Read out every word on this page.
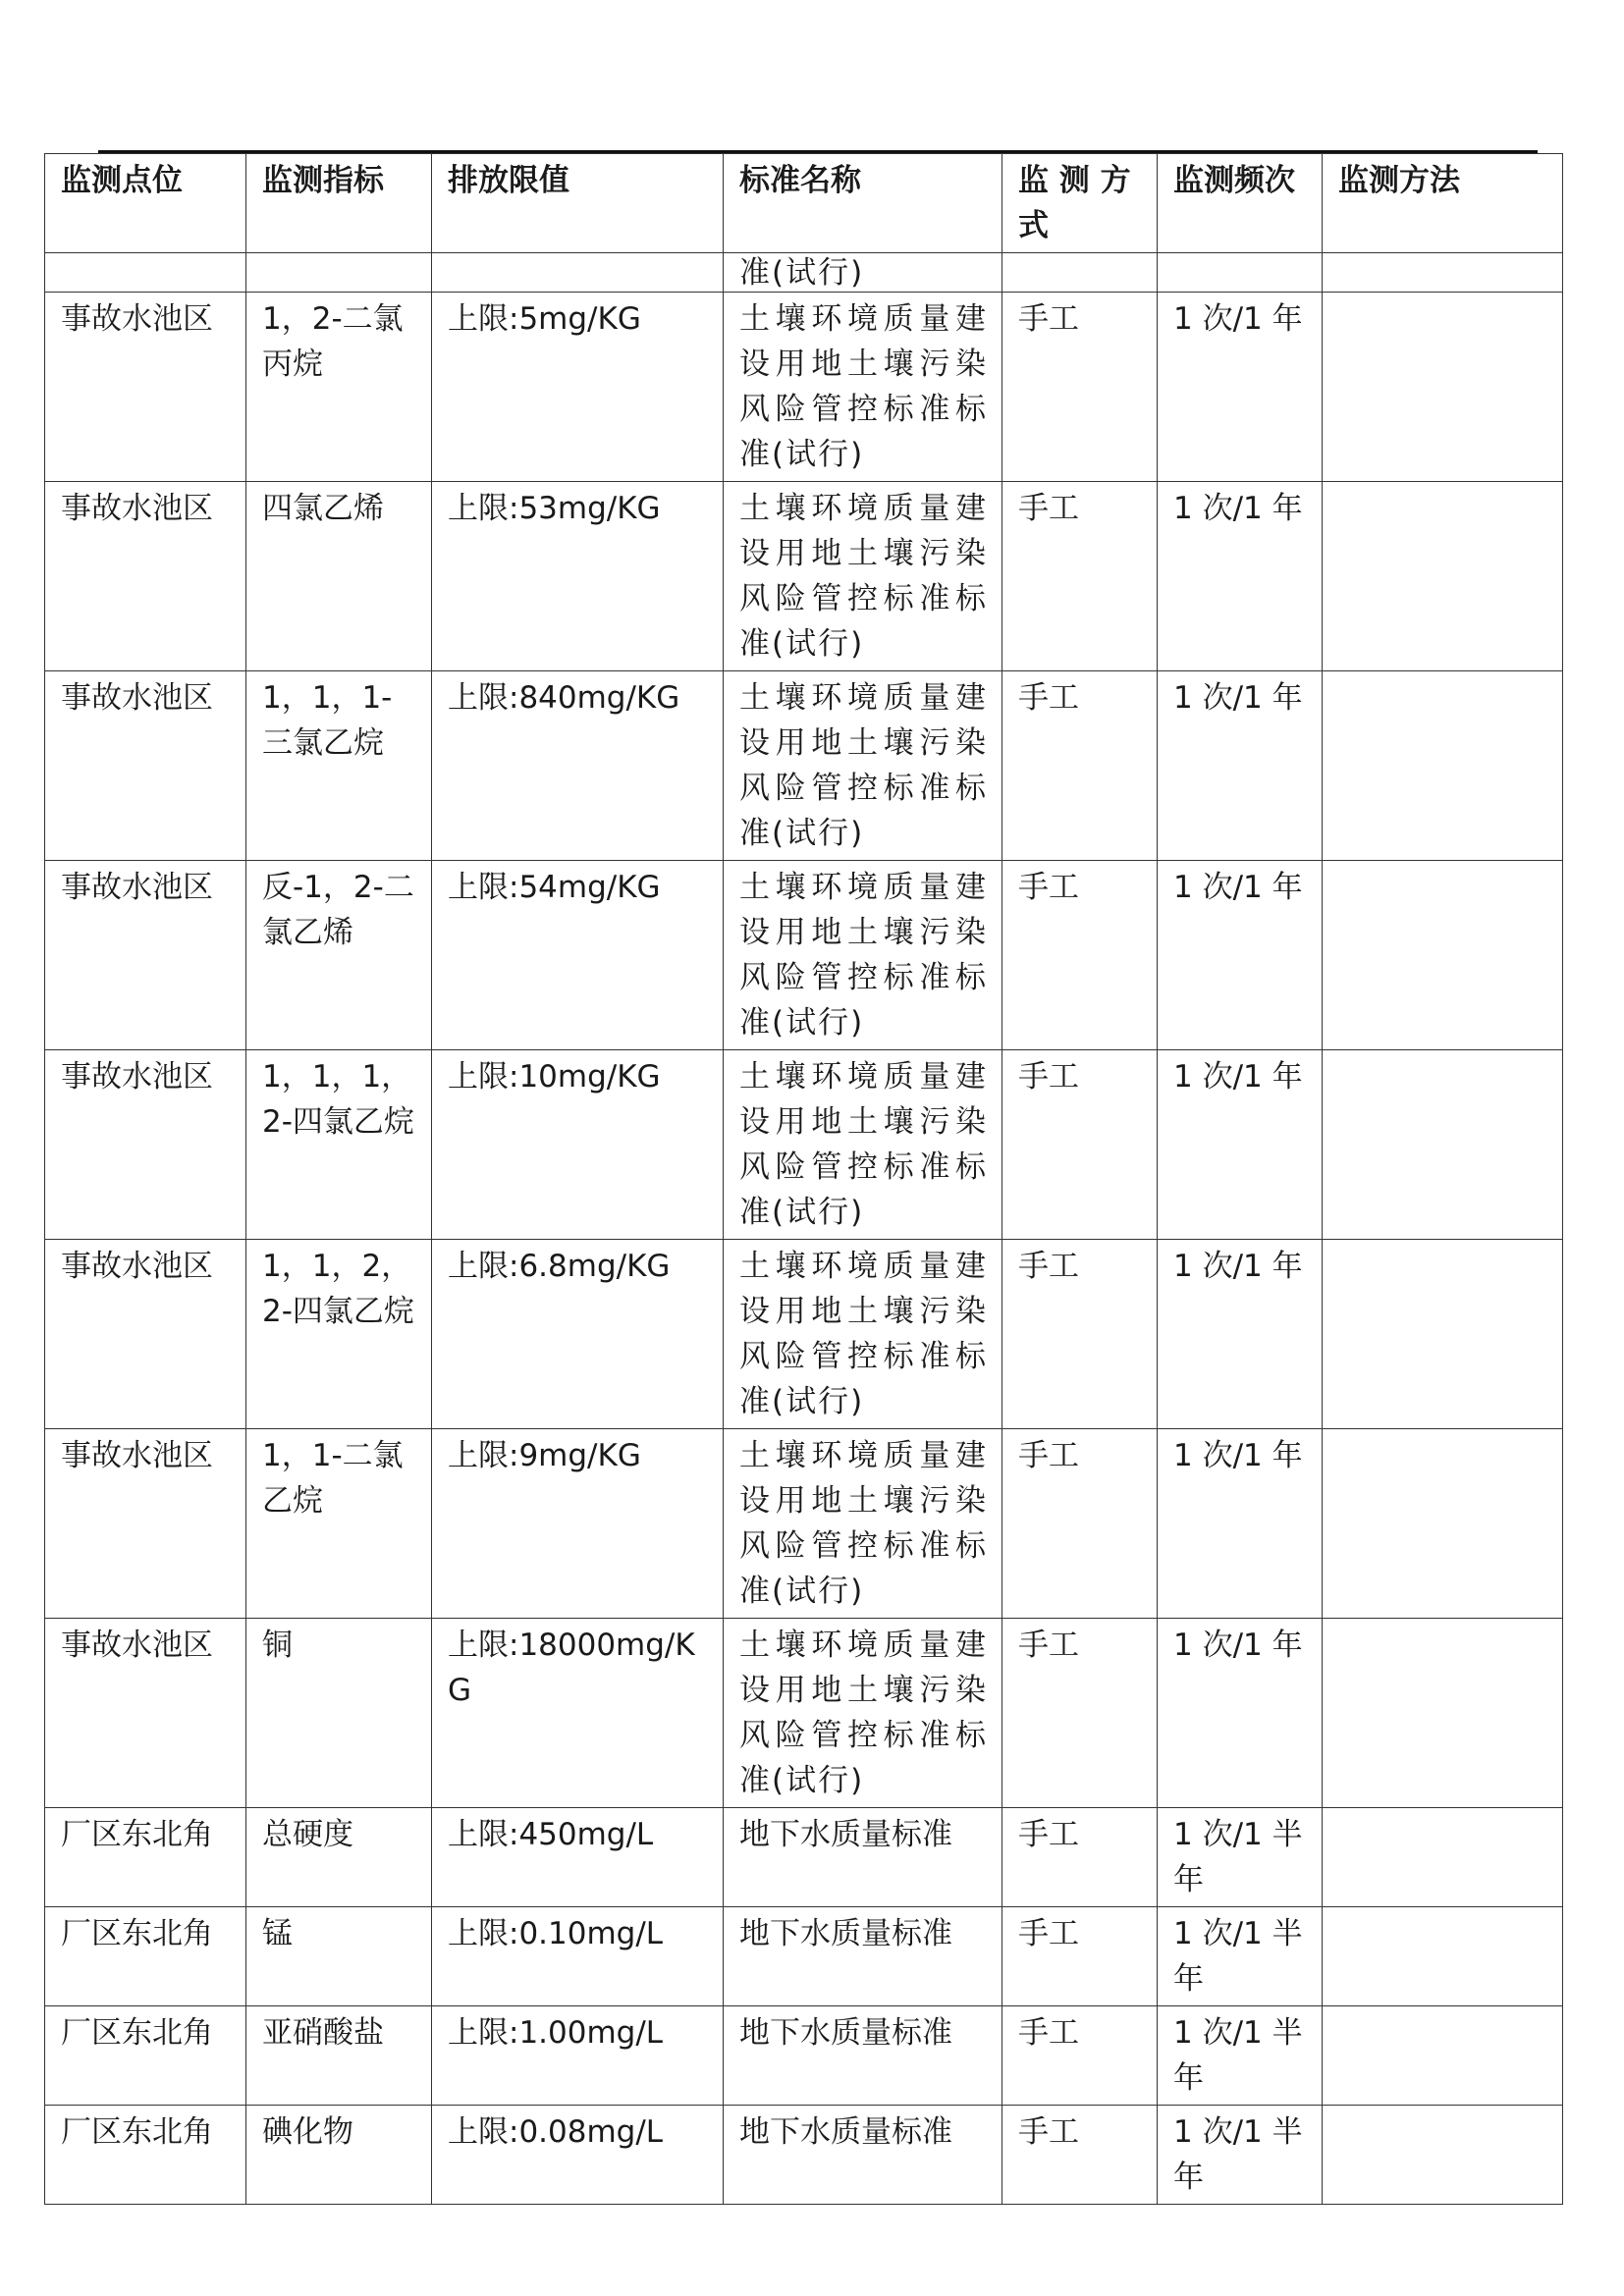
监测点位	监测指标	排放限值	标准名称	监 测 方 式	监测频次	监测方法
			准(试行)			
事故水池区	1，2-二氯丙烷	上限:5mg/KG	土壤环境质量建设用地土壤污染风险管控标准标准(试行)	手工	1 次/1 年	
事故水池区	四氯乙烯	上限:53mg/KG	土壤环境质量建设用地土壤污染风险管控标准标准(试行)	手工	1 次/1 年	
事故水池区	1，1，1-三氯乙烷	上限:840mg/KG	土壤环境质量建设用地土壤污染风险管控标准标准(试行)	手工	1 次/1 年	
事故水池区	反-1，2-二氯乙烯	上限:54mg/KG	土壤环境质量建设用地土壤污染风险管控标准标准(试行)	手工	1 次/1 年	
事故水池区	1，1，1，2-四氯乙烷	上限:10mg/KG	土壤环境质量建设用地土壤污染风险管控标准标准(试行)	手工	1 次/1 年	
事故水池区	1，1，2，2-四氯乙烷	上限:6.8mg/KG	土壤环境质量建设用地土壤污染风险管控标准标准(试行)	手工	1 次/1 年	
事故水池区	1，1-二氯乙烷	上限:9mg/KG	土壤环境质量建设用地土壤污染风险管控标准标准(试行)	手工	1 次/1 年	
事故水池区	铜	上限:18000mg/KG	土壤环境质量建设用地土壤污染风险管控标准标准(试行)	手工	1 次/1 年	
厂区东北角	总硬度	上限:450mg/L	地下水质量标准	手工	1 次/1 半年	
厂区东北角	锰	上限:0.10mg/L	地下水质量标准	手工	1 次/1 半年	
厂区东北角	亚硝酸盐	上限:1.00mg/L	地下水质量标准	手工	1 次/1 半年	
厂区东北角	碘化物	上限:0.08mg/L	地下水质量标准	手工	1 次/1 半年	
